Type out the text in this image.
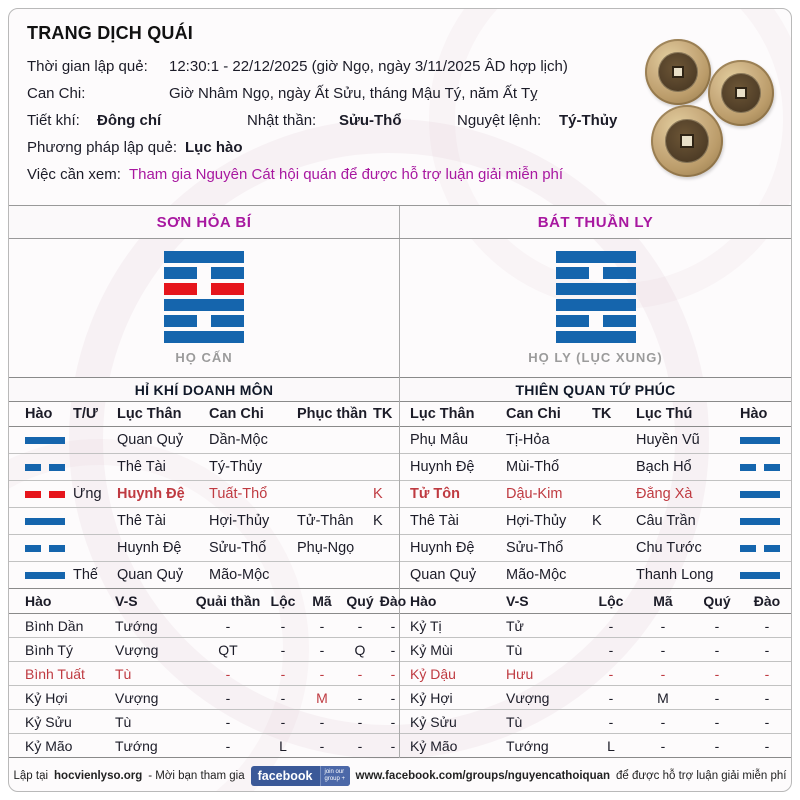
TRANG DỊCH QUÁI
Thời gian lập quẻ:	12:30:1 - 22/12/2025 (giờ Ngọ, ngày 3/11/2025 ÂD hợp lịch)
Can Chi:	Giờ Nhâm Ngọ, ngày Ất Sửu, tháng Mậu Tý, năm Ất Tỵ
Tiết khí:	Đông chí	Nhật thần:	Sửu-Thổ	Nguyệt lệnh:	Tý-Thủy
Phương pháp lập quẻ: Lục hào
Việc cần xem: Tham gia Nguyên Cát hội quán để được hỗ trợ luận giải miễn phí
SƠN HỎA BÍ	BÁT THUẦN LY
HỌ CẤN	HỌ LY (LỤC XUNG)
HỈ KHÍ DOANH MÔN
Hào	T/Ư	Lục Thân	Can Chi	Phục thần TK
Quan Quỷ	Dần-Mộc
Thê Tài	Tý-Thủy
Ứng	Huynh Đệ	Tuất-Thổ	K
Thê Tài	Hợi-Thủy	Tử-Thân	K
Huynh Đệ	Sửu-Thổ	Phụ-Ngọ
Thế	Quan Quỷ	Mão-Mộc
THIÊN QUAN TỨ PHÚC
Lục Thân	Can Chi	TK	Lục Thú	Hào
Phụ Mẫu	Tị-Hỏa	Huyền Vũ
Huynh Đệ	Mùi-Thổ	Bạch Hổ
Tử Tôn	Dậu-Kim	Đằng Xà
Thê Tài	Hợi-Thủy	K	Câu Trần
Huynh Đệ	Sửu-Thổ	Chu Tước
Quan Quỷ	Mão-Mộc	Thanh Long
Hào	V-S	Quải thần Lộc	Mã	Quý Đào
Bình Dần	Tướng	-	-	-	-	-
Bình Tý	Vượng	QT	-	-	Q	-
Bình Tuất	Tù	-	-	-	-	-
Kỷ Hợi	Vượng	-	-	M	-	-
Kỷ Sửu	Tù	-	-	-	-	-
Kỷ Mão	Tướng	-	L	-	-	-
Hào	V-S	Lộc	Mã	Quý	Đào
Kỷ Tị	Tử	-	-	-	-
Kỷ Mùi	Tù	-	-	-	-
Kỷ Dậu	Hưu	-	-	-	-
Kỷ Hợi	Vượng	-	M	-	-
Kỷ Sửu	Tù	-	-	-	-
Kỷ Mão	Tướng	L	-	-	-
Lập tại hocvienlyso.org - Mời bạn tham gia	facebook	join our group + www.facebook.com/groups/nguyencathoiquan để được hỗ trợ luận giải miễn phí
